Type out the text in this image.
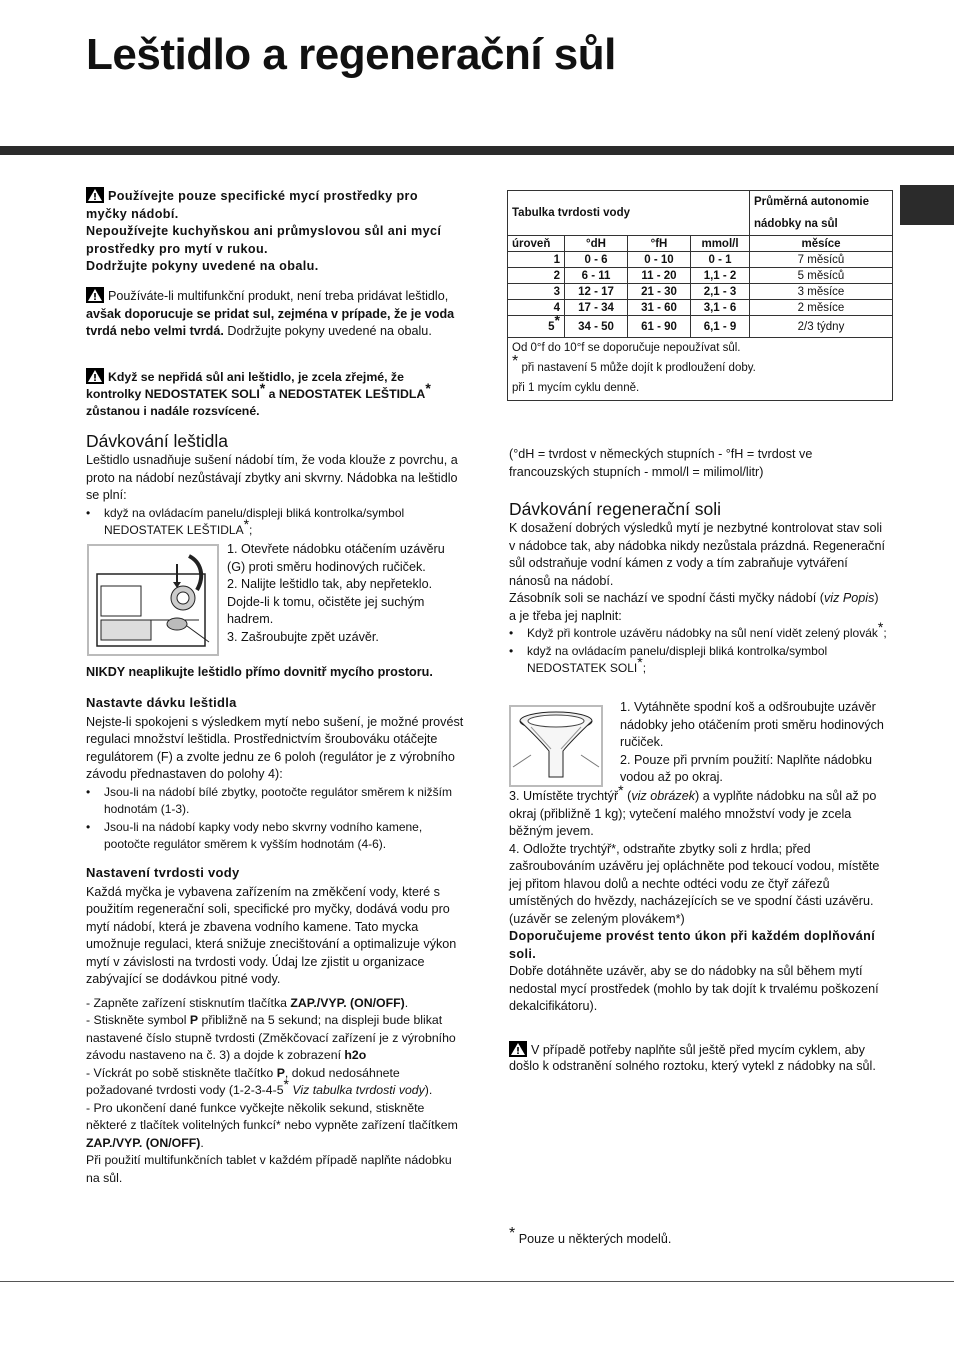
Leštidlo a regenerační sůl

Používejte pouze specifické mycí prostředky pro myčky nádobí.

Nepoužívejte kuchyňskou ani průmyslovou sůl ani mycí prostředky pro mytí v rukou.

Dodržujte pokyny uvedené na obalu.

Používáte-li multifunkční produkt, není treba pridávat leštidlo, avšak doporucuje se pridat sul, zejména v prípade, že je voda tvrdá nebo velmi tvrdá. Dodržujte pokyny uvedené na obalu.

Když se nepřidá sůl ani leštidlo, je zcela zřejmé, že kontrolky NEDOSTATEK SOLI* a NEDOSTATEK LEŠTIDLA* zůstanou i nadále rozsvícené.

Dávkování leštidla

Leštidlo usnadňuje sušení nádobí tím, že voda klouže z povrchu, a proto na nádobí nezůstávají zbytky ani skvrny. Nádobka na leštidlo se plní:

• když na ovládacím panelu/displeji bliká kontrolka/symbol NEDOSTATEK LEŠTIDLA*;

1. Otevřete nádobku otáčením uzávěru (G) proti směru hodinových ručiček.

2. Nalijte leštidlo tak, aby nepřeteklo. Dojde-li k tomu, očistěte jej suchým hadrem.

3. Zašroubujte zpět uzávěr.

NIKDY neaplikujte leštidlo přímo dovnitř mycího prostoru.

Nastavte dávku leštidla

Nejste-li spokojeni s výsledkem mytí nebo sušení, je možné provést regulaci množství leštidla. Prostřednictvím šroubováku otáčejte regulátorem (F) a zvolte jednu ze 6 poloh (regulátor je z výrobního závodu přednastaven do polohy 4):

• Jsou-li na nádobí bílé zbytky, pootočte regulátor směrem k nižším hodnotám (1-3).
• Jsou-li na nádobí kapky vody nebo skvrny vodního kamene, pootočte regulátor směrem k vyšším hodnotám (4-6).
Nastavení tvrdosti vody

Každá myčka je vybavena zařízením na změkčení vody, které s použitím regenerační soli, specifické pro myčky, dodává vodu pro mytí nádobí, která je zbavena vodního kamene. Tato mycka umožnuje regulaci, která snižuje znecištování a optimalizuje výkon mytí v závislosti na tvrdosti vody. Údaj lze zjistit u organizace zabývající se dodávkou pitné vody.

- Zapněte zařízení stisknutím tlačítka ZAP./VYP. (ON/OFF).

- Stiskněte symbol P přibližně na 5 sekund; na displeji bude blikat nastavené číslo stupně tvrdosti (Změkčovací zařízení je z výrobního závodu nastaveno na č. 3) a dojde k zobrazení h2o

- Víckrát po sobě stiskněte tlačítko P, dokud nedosáhnete požadované tvrdosti vody (1-2-3-4-5* Viz tabulka tvrdosti vody).

- Pro ukončení dané funkce vyčkejte několik sekund, stiskněte některé z tlačítek volitelných funkcí* nebo vypněte zařízení tlačítkem ZAP./VYP. (ON/OFF).

Při použití multifunkčních tablet v každém případě naplňte nádobku na sůl.

Tabulka tvrdosti vody				Průměrná autonomie
nádobky na sůl
úroveň	°dH	°fH	mmol/l	měsíce
1	0 - 6	0 - 10	0 - 1	7 měsíců
2	6 - 11	11 - 20	1,1 - 2	5 měsíců
3	12 - 17	21 - 30	2,1 - 3	3 měsíce
4	17 - 34	31 - 60	3,1 - 6	2 měsíce
5*	34 - 50	61 - 90	6,1 - 9	2/3 týdny

Od 0°f do 10°f se doporučuje nepoužívat sůl.
* při nastavení 5 může dojít k prodloužení doby.
při 1 mycím cyklu denně.				

(°dH = tvrdost v německých stupních - °fH = tvrdost ve francouzských stupních - mmol/l = milimol/litr)

Dávkování regenerační soli

K dosažení dobrých výsledků mytí je nezbytné kontrolovat stav soli v nádobce tak, aby nádobka nikdy nezůstala prázdná. Regenerační sůl odstraňuje vodní kámen z vody a tím zabraňuje vytváření nánosů na nádobí.

Zásobník soli se nachází ve spodní části myčky nádobí (viz Popis) a je třeba jej naplnit:

• Když při kontrole uzávěru nádobky na sůl není vidět zelený plovák*;
• když na ovládacím panelu/displeji bliká kontrolka/symbol NEDOSTATEK SOLI*;

1. Vytáhněte spodní koš a odšroubujte uzávěr nádobky jeho otáčením proti směru hodinových ručiček.

2. Pouze při prvním použití: Naplňte nádobku vodou až po okraj.

3. Umístěte trychtýř* (viz obrázek) a vyplňte nádobku na sůl až po okraj (přibližně 1 kg); vytečení malého množství vody je zcela běžným jevem.

4. Odložte trychtýř*, odstraňte zbytky soli z hrdla; před zašroubováním uzávěru jej opláchněte pod tekoucí vodou, místěte jej přitom hlavou dolů a nechte odtéci vodu ze čtyř zářezů umístěných do hvězdy, nacházejících se ve spodní části uzávěru. (uzávěr se zeleným plovákem*)

Doporučujeme provést tento úkon při každém doplňování soli.

Dobře dotáhněte uzávěr, aby se do nádobky na sůl během mytí nedostal mycí prostředek (mohlo by tak dojít k trvalému poškození dekalcifikátoru).

V případě potřeby naplňte sůl ještě před mycím cyklem, aby došlo k odstranění solného roztoku, který vytekl z nádobky na sůl.

* Pouze u některých modelů.
